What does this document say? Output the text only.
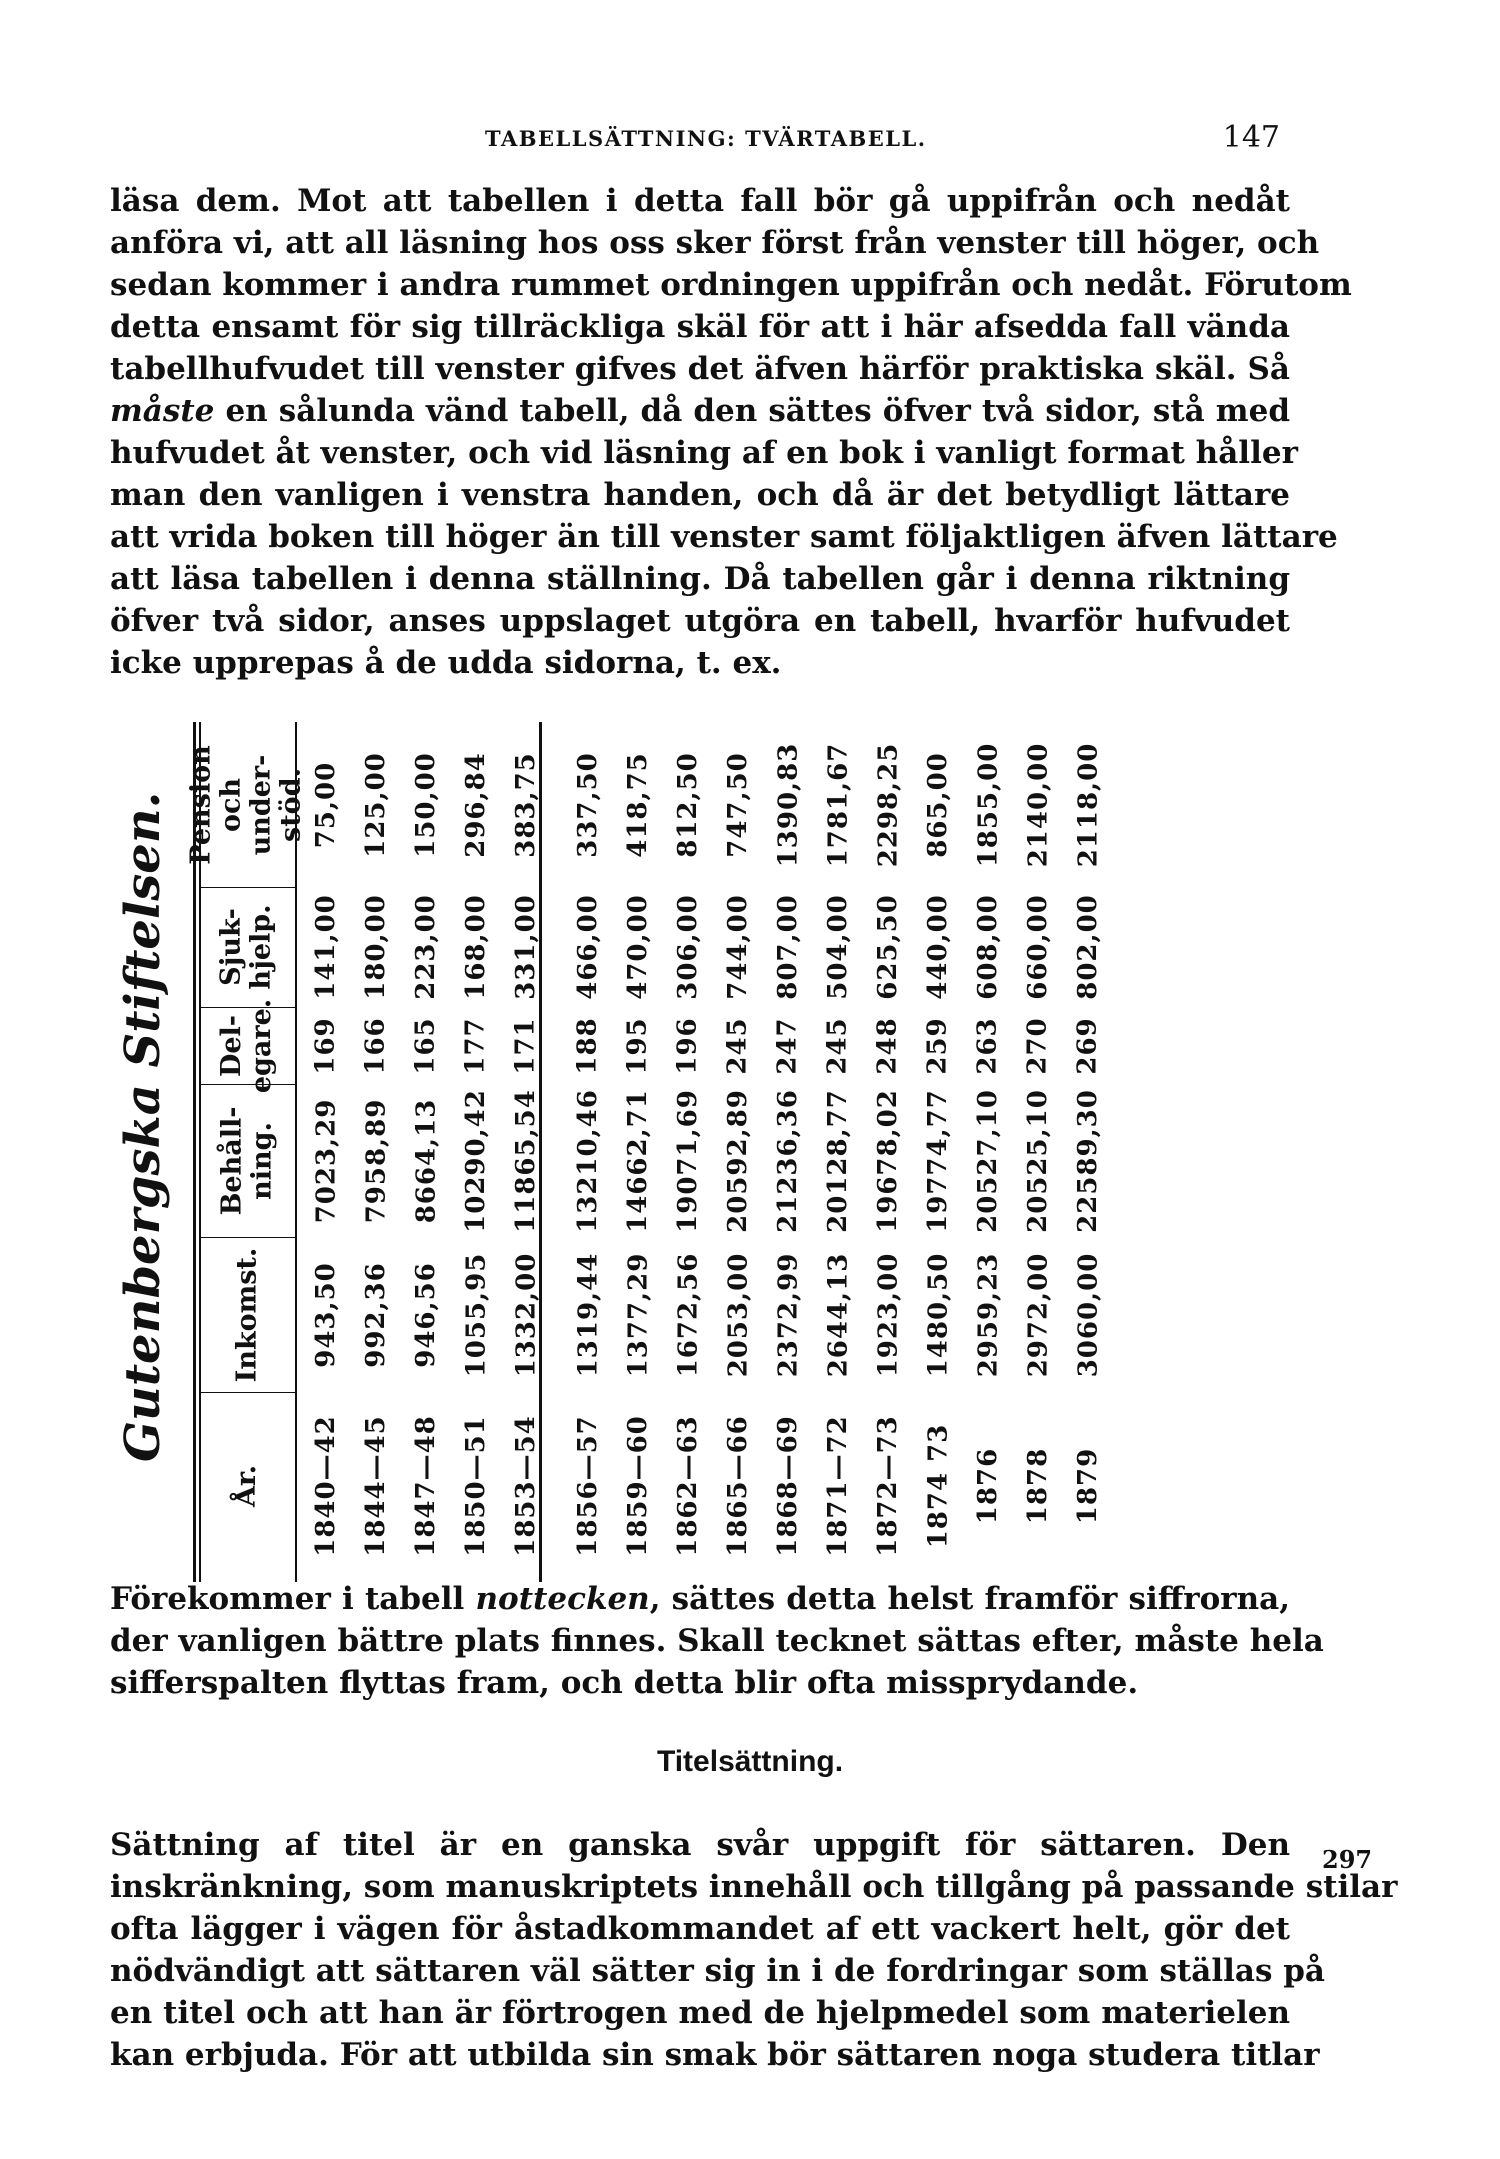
TABELLSÄTTNING: TVÄRTABELL.	147
läsa dem. Mot att tabellen i detta fall bör gå uppifrån och nedåt
anföra vi, att all läsning hos oss sker först från venster till höger, och
sedan kommer i andra rummet ordningen uppifrån och nedåt. Förutom
detta ensamt för sig tillräckliga skäl för att i här afsedda fall vända
tabellhufvudet till venster gifves det äfven härför praktiska skäl. Så
måste en sålunda vänd tabell, då den sättes öfver två sidor, stå med
hufvudet åt venster, och vid läsning af en bok i vanligt format håller
man den vanligen i venstra handen, och då är det betydligt lättare
att vrida boken till höger än till venster samt följaktligen äfven lättare
att läsa tabellen i denna ställning. Då tabellen går i denna riktning
öfver två sidor, anses uppslaget utgöra en tabell, hvarför hufvudet
icke upprepas å de udda sidorna, t. ex.
Gutenbergska Stiftelsen.
År.
Inkomst.
Behåll-
ning.
Del-
egare.
Sjuk-
hjelp.
Pension
och
under-
stöd.
1840—42
943,50
7023,29
169
141,00
75,00
1844—45
992,36
7958,89
166
180,00
125,00
1847—48
946,56
8664,13
165
223,00
150,00
1850—51
1055,95
10290,42
177
168,00
296,84
1853—54
1332,00
11865,54
171
331,00
383,75
1856—57
1319,44
13210,46
188
466,00
337,50
1859—60
1377,29
14662,71
195
470,00
418,75
1862—63
1672,56
19071,69
196
306,00
812,50
1865—66
2053,00
20592,89
245
744,00
747,50
1868—69
2372,99
21236,36
247
807,00
1390,83
1871—72
2644,13
20128,77
245
504,00
1781,67
1872—73
1923,00
19678,02
248
625,50
2298,25
1874 73
1480,50
19774,77
259
440,00
865,00
1876
2959,23
20527,10
263
608,00
1855,00
1878
2972,00
20525,10
270
660,00
2140,00
1879
3060,00
22589,30
269
802,00
2118,00
Förekommer i tabell nottecken, sättes detta helst framför siffrorna,
der vanligen bättre plats finnes. Skall tecknet sättas efter, måste hela
sifferspalten flyttas fram, och detta blir ofta missprydande.
Titelsättning.
297
Sättning af titel är en ganska svår uppgift för sättaren. Den
inskränkning, som manuskriptets innehåll och tillgång på passande stilar
ofta lägger i vägen för åstadkommandet af ett vackert helt, gör det
nödvändigt att sättaren väl sätter sig in i de fordringar som ställas på
en titel och att han är förtrogen med de hjelpmedel som materielen
kan erbjuda. För att utbilda sin smak bör sättaren noga studera titlar
